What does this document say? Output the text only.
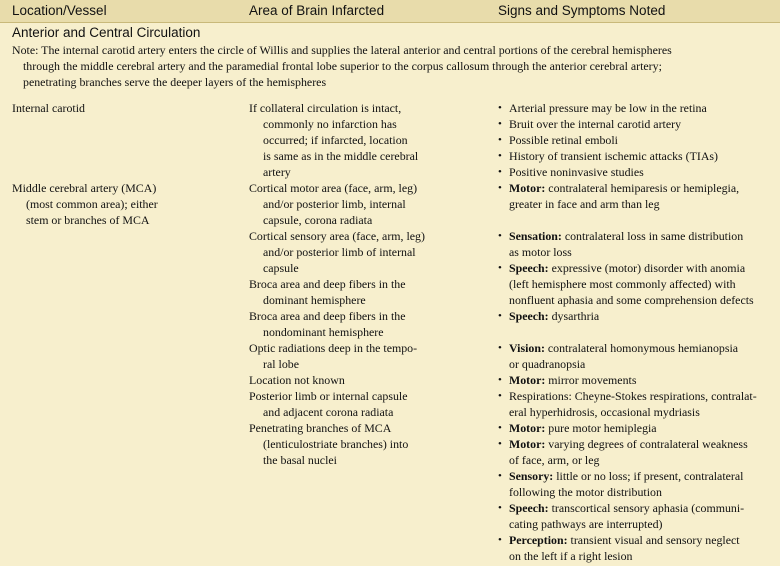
Location/Vessel	Area of Brain Infarcted	Signs and Symptoms Noted
Anterior and Central Circulation
Note: The internal carotid artery enters the circle of Willis and supplies the lateral anterior and central portions of the cerebral hemispheres
through the middle cerebral artery and the paramedial frontal lobe superior to the corpus callosum through the anterior cerebral artery;
penetrating branches serve the deeper layers of the hemispheres
Internal carotid
Middle cerebral artery (MCA)
(most common area); either
stem or branches of MCA
If collateral circulation is intact,
commonly no infarction has
occurred; if infarcted, location
is same as in the middle cerebral
artery
Cortical motor area (face, arm, leg)
and/or posterior limb, internal
capsule, corona radiata
Cortical sensory area (face, arm, leg)
and/or posterior limb of internal
capsule
Broca area and deep fibers in the
dominant hemisphere
Broca area and deep fibers in the
nondominant hemisphere
Optic radiations deep in the tempo-
ral lobe
Location not known
Posterior limb or internal capsule
and adjacent corona radiata
Penetrating branches of MCA
(lenticulostriate branches) into
the basal nuclei
• Arterial pressure may be low in the retina
• Bruit over the internal carotid artery
• Possible retinal emboli
• History of transient ischemic attacks (TIAs)
• Positive noninvasive studies
• Motor: contralateral hemiparesis or hemiplegia,
greater in face and arm than leg
• Sensation: contralateral loss in same distribution
as motor loss
• Speech: expressive (motor) disorder with anomia
(left hemisphere most commonly affected) with
nonfluent aphasia and some comprehension defects
• Speech: dysarthria
• Vision: contralateral homonymous hemianopsia
or quadranopsia
• Motor: mirror movements
• Respirations: Cheyne-Stokes respirations, contralat-
eral hyperhidrosis, occasional mydriasis
• Motor: pure motor hemiplegia
• Motor: varying degrees of contralateral weakness
of face, arm, or leg
• Sensory: little or no loss; if present, contralateral
following the motor distribution
• Speech: transcortical sensory aphasia (communi-
cating pathways are interrupted)
• Perception: transient visual and sensory neglect
on the left if a right lesion
